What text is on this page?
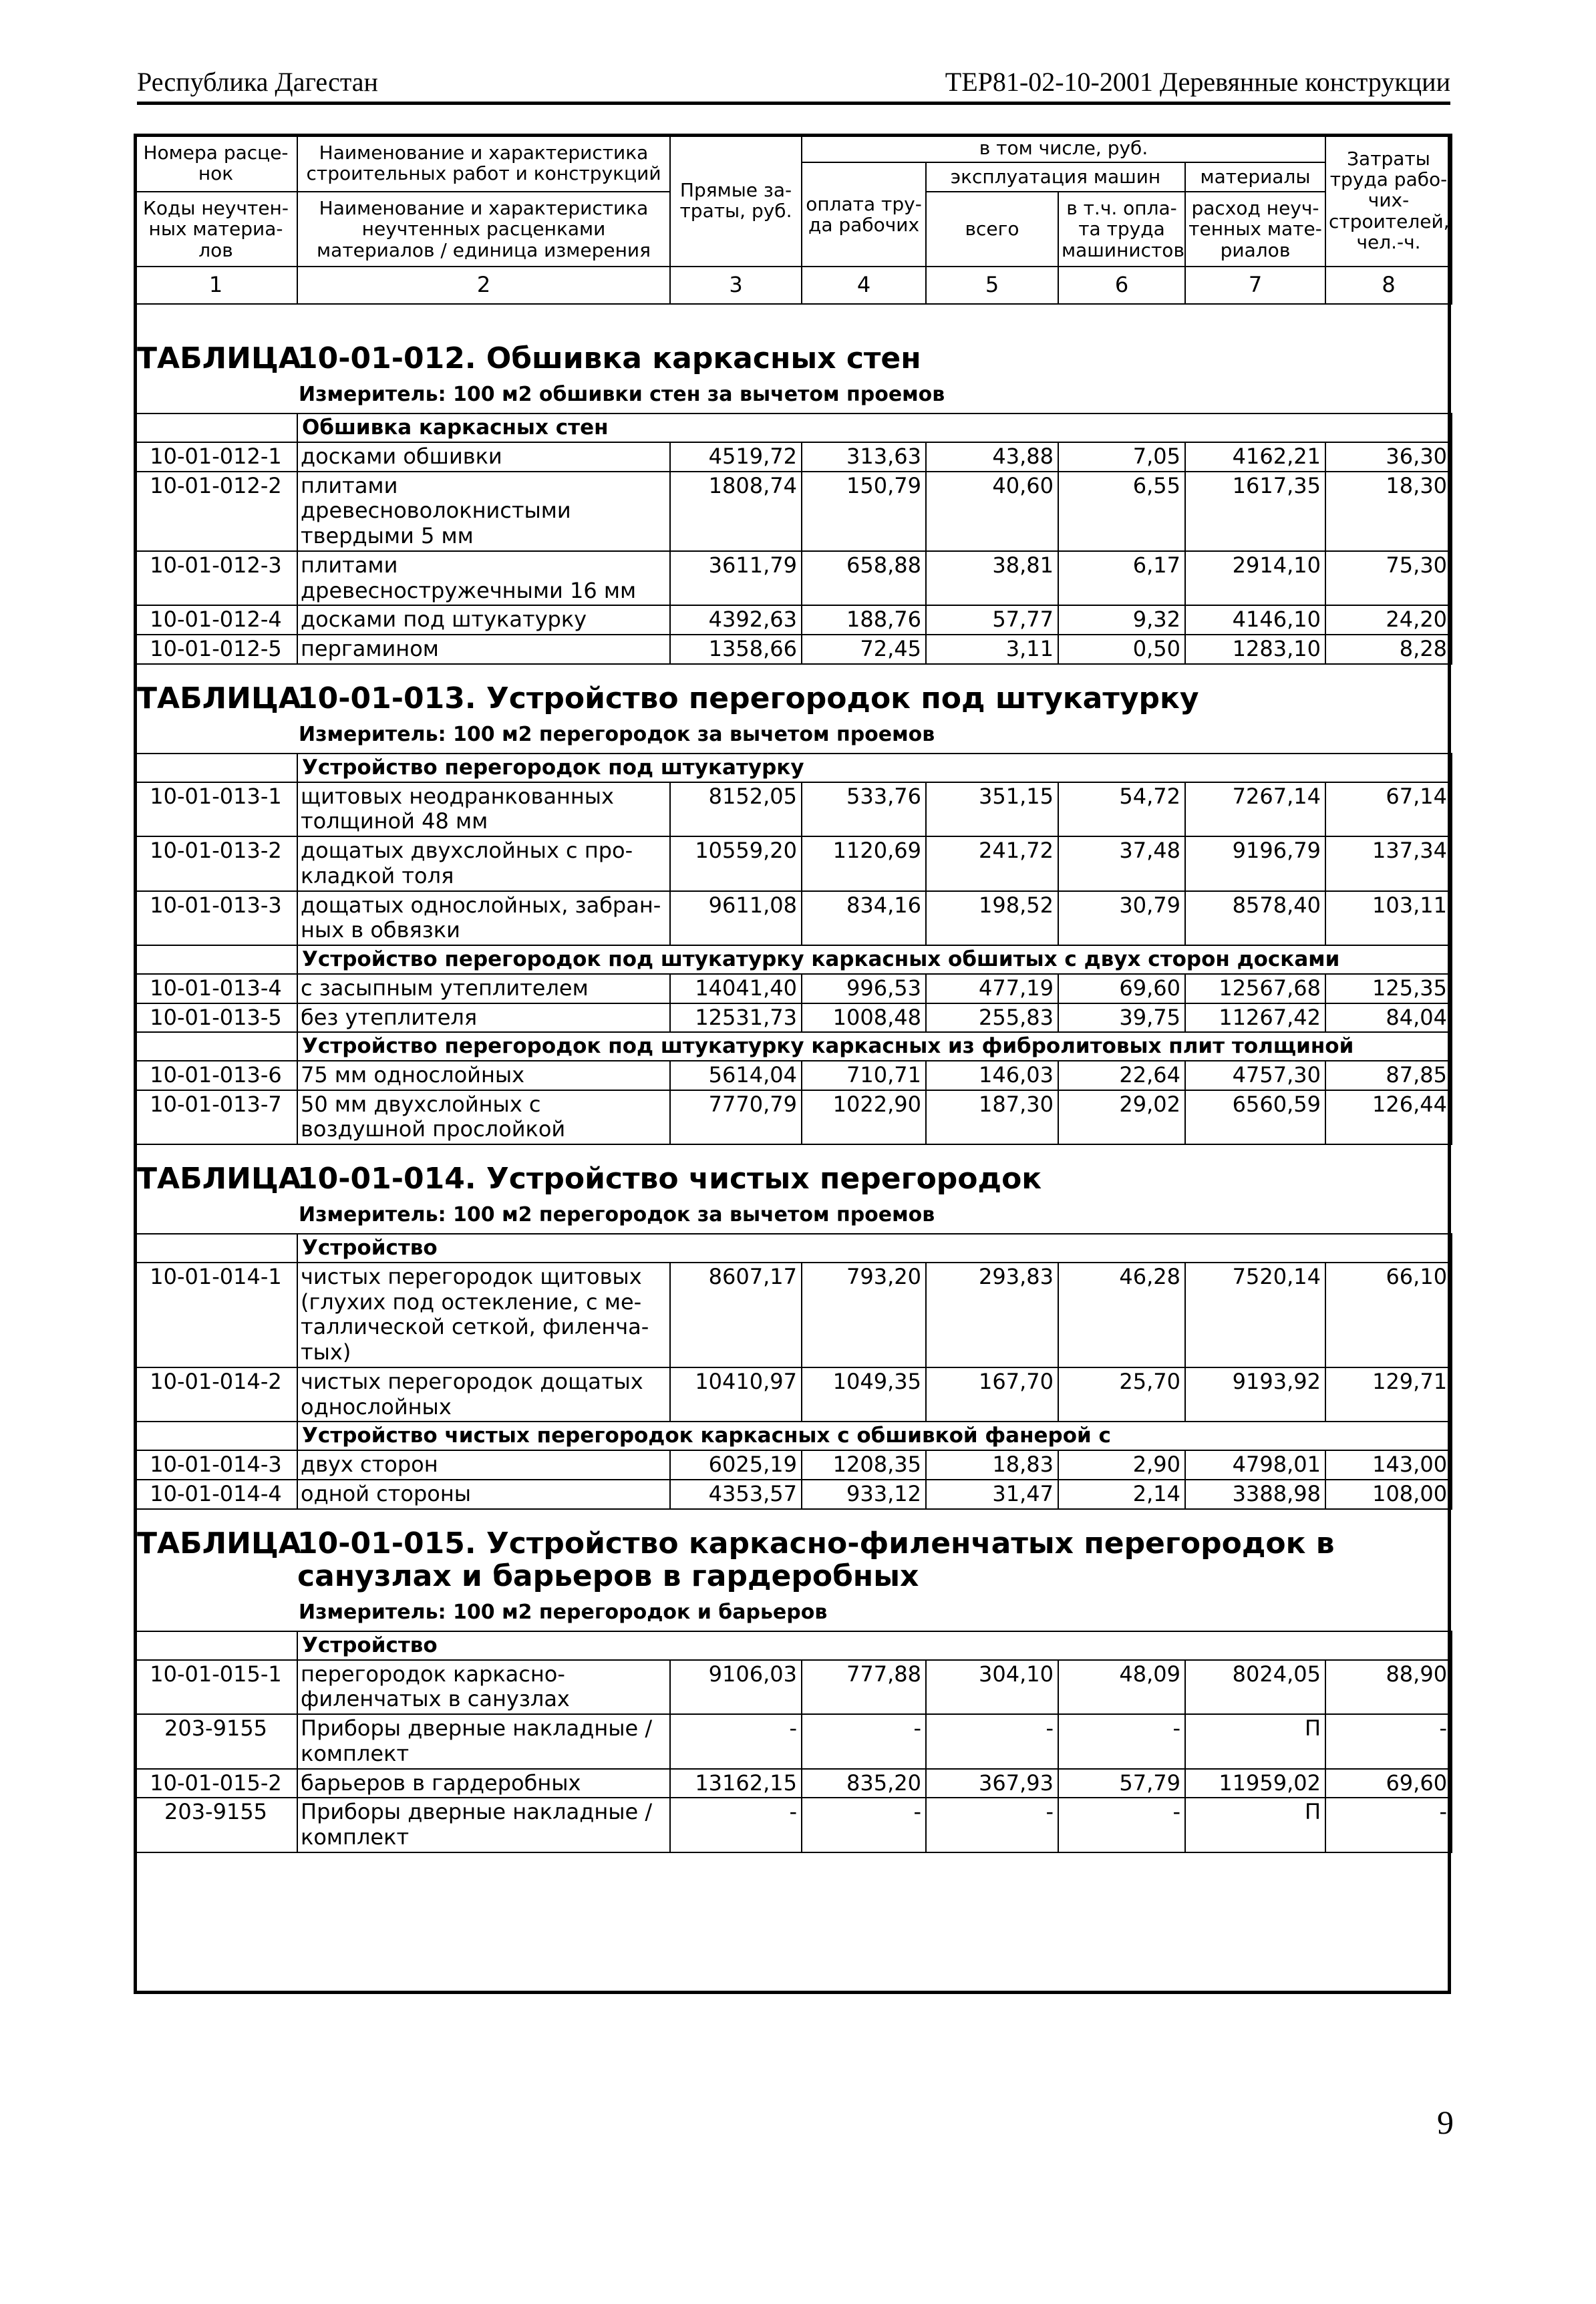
Республика Дагестан	ТЕР81-02-10-2001 Деревянные конструкции
Номера расце- нок	Наименование и характеристика строительных работ и конструкций	Прямые за- траты, руб.	в том числе, руб.				Затраты труда рабо- чих- строителей, чел.-ч.
			оплата тру- да рабочих	эксплуатация машин		материалы	
Коды неучтен- ных материа- лов	Наименование и характеристика неучтенных расценками материалов / единица измерения			всего	в т.ч. опла- та труда машинистов	расход неуч- тенных мате- риалов	

1	2	3	4	5	6	7	8
ТАБЛИЦА
10-01-012. Обшивка каркасных стен
Измеритель: 100 м2 обшивки стен за вычетом проемов
	Обшивка каркасных стен						
10-01-012-1	досками обшивки	4519,72	313,63	43,88	7,05	4162,21	36,30
10-01-012-2	плитами древесноволокнистыми твердыми 5 мм	1808,74	150,79	40,60	6,55	1617,35	18,30
10-01-012-3	плитами древесностружечными 16 мм	3611,79	658,88	38,81	6,17	2914,10	75,30
10-01-012-4	досками под штукатурку	4392,63	188,76	57,77	9,32	4146,10	24,20
10-01-012-5	пергамином	1358,66	72,45	3,11	0,50	1283,10	8,28
ТАБЛИЦА
10-01-013. Устройство перегородок под штукатурку
Измеритель: 100 м2 перегородок за вычетом проемов
	Устройство перегородок под штукатурку						
10-01-013-1	щитовых неодранкованных толщиной 48 мм	8152,05	533,76	351,15	54,72	7267,14	67,14
10-01-013-2	дощатых двухслойных с про- кладкой толя	10559,20	1120,69	241,72	37,48	9196,79	137,34
10-01-013-3	дощатых однослойных, забран- ных в обвязки	9611,08	834,16	198,52	30,79	8578,40	103,11
	Устройство перегородок под штукатурку каркасных обшитых с двух сторон досками						
10-01-013-4	с засыпным утеплителем	14041,40	996,53	477,19	69,60	12567,68	125,35
10-01-013-5	без утеплителя	12531,73	1008,48	255,83	39,75	11267,42	84,04
	Устройство перегородок под штукатурку каркасных из фибролитовых плит толщиной						
10-01-013-6	75 мм однослойных	5614,04	710,71	146,03	22,64	4757,30	87,85
10-01-013-7	50 мм двухслойных с воздушной прослойкой	7770,79	1022,90	187,30	29,02	6560,59	126,44
ТАБЛИЦА
10-01-014. Устройство чистых перегородок
Измеритель: 100 м2 перегородок за вычетом проемов
	Устройство						
10-01-014-1	чистых перегородок щитовых (глухих под остекление, с ме- таллической сеткой, филенча- тых)	8607,17	793,20	293,83	46,28	7520,14	66,10
10-01-014-2	чистых перегородок дощатых однослойных	10410,97	1049,35	167,70	25,70	9193,92	129,71
	Устройство чистых перегородок каркасных с обшивкой фанерой с						
10-01-014-3	двух сторон	6025,19	1208,35	18,83	2,90	4798,01	143,00
10-01-014-4	одной стороны	4353,57	933,12	31,47	2,14	3388,98	108,00
ТАБЛИЦА
10-01-015. Устройство каркасно-филенчатых перегородок в санузлах и барьеров в гардеробных
Измеритель: 100 м2 перегородок и барьеров
	Устройство						
10-01-015-1	перегородок каркасно- филенчатых в санузлах	9106,03	777,88	304,10	48,09	8024,05	88,90
203-9155	Приборы дверные накладные / комплект	-	-	-	-	П	-
10-01-015-2	барьеров в гардеробных	13162,15	835,20	367,93	57,79	11959,02	69,60
203-9155	Приборы дверные накладные / комплект	-	-	-	-	П	-
9
